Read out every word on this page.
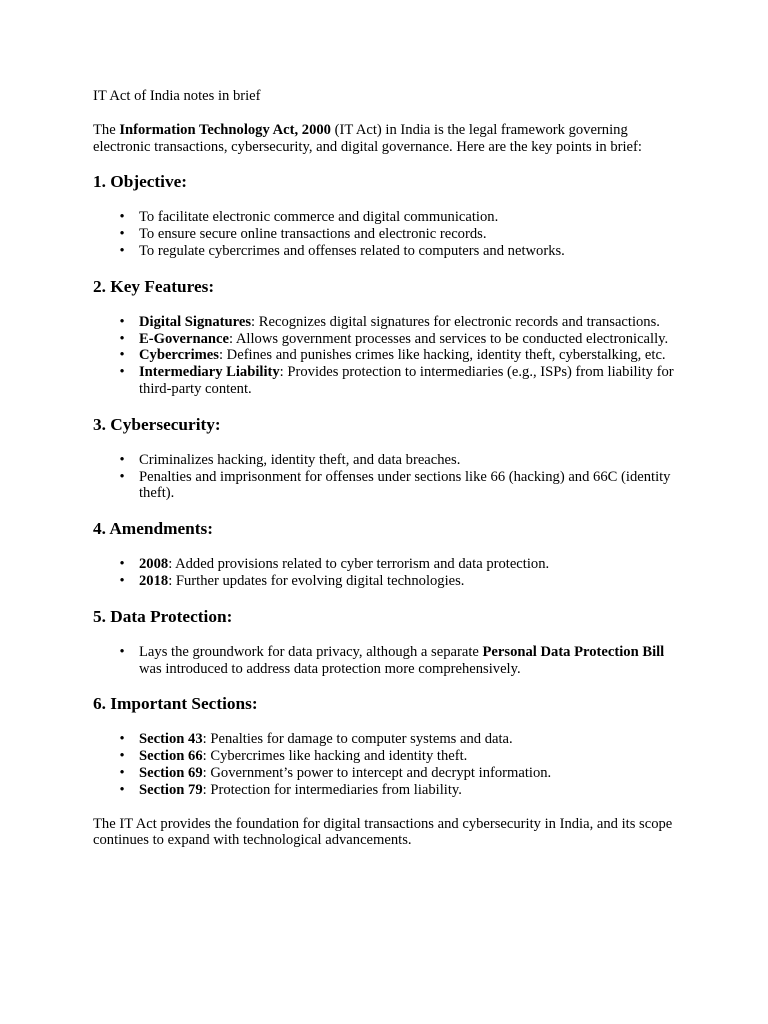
IT Act of India notes in brief

The Information Technology Act, 2000 (IT Act) in India is the legal framework governing electronic transactions, cybersecurity, and digital governance. Here are the key points in brief:

1. Objective:
• To facilitate electronic commerce and digital communication.
• To ensure secure online transactions and electronic records.
• To regulate cybercrimes and offenses related to computers and networks.
2. Key Features:
• Digital Signatures: Recognizes digital signatures for electronic records and transactions.
• E-Governance: Allows government processes and services to be conducted electronically.
• Cybercrimes: Defines and punishes crimes like hacking, identity theft, cyberstalking, etc.
• Intermediary Liability: Provides protection to intermediaries (e.g., ISPs) from liability for third-party content.
3. Cybersecurity:
• Criminalizes hacking, identity theft, and data breaches.
• Penalties and imprisonment for offenses under sections like 66 (hacking) and 66C (identity theft).
4. Amendments:
• 2008: Added provisions related to cyber terrorism and data protection.
• 2018: Further updates for evolving digital technologies.
5. Data Protection:
• Lays the groundwork for data privacy, although a separate Personal Data Protection Bill was introduced to address data protection more comprehensively.
6. Important Sections:
• Section 43: Penalties for damage to computer systems and data.
• Section 66: Cybercrimes like hacking and identity theft.
• Section 69: Government’s power to intercept and decrypt information.
• Section 79: Protection for intermediaries from liability.

The IT Act provides the foundation for digital transactions and cybersecurity in India, and its scope continues to expand with technological advancements.
